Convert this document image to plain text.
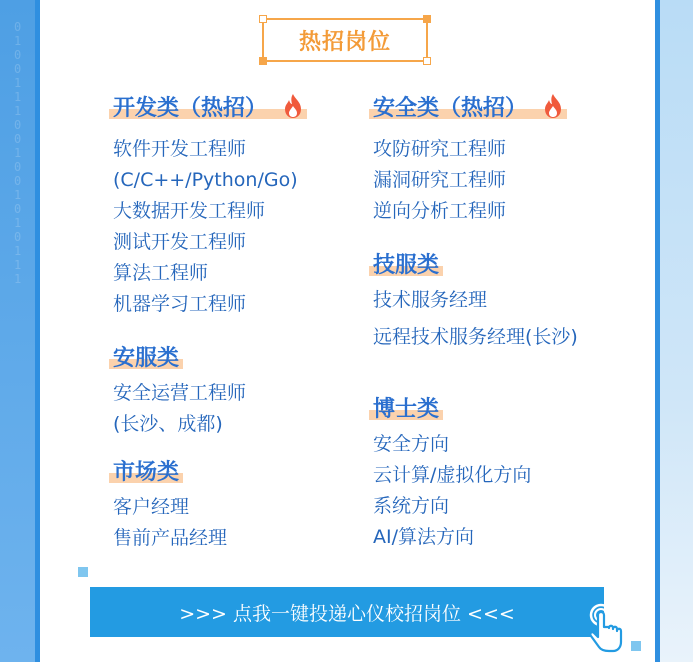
0100111001001010111
热招岗位
开发类（热招）
软件开发工程师
(C/C++/Python/Go)
大数据开发工程师
测试开发工程师
算法工程师
机器学习工程师
安服类
安全运营工程师
(长沙、成都)
市场类
客户经理
售前产品经理
安全类（热招）
攻防研究工程师
漏洞研究工程师
逆向分析工程师
技服类
技术服务经理
远程技术服务经理(长沙)
博士类
安全方向
云计算/虚拟化方向
系统方向
AI/算法方向
>>> 点我一键投递心仪校招岗位 <<<
